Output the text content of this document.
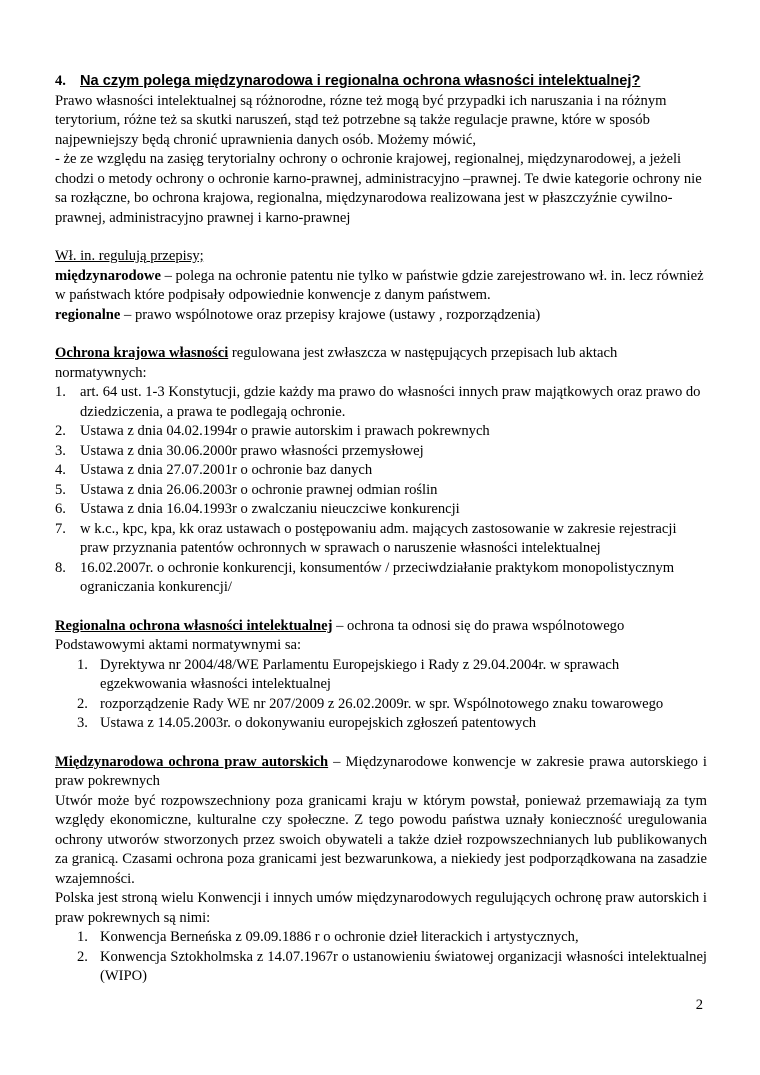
4. Na czym polega międzynarodowa i regionalna ochrona własności intelektualnej?

Prawo własności intelektualnej są różnorodne, rózne też mogą być przypadki ich naruszania i na różnym terytorium, różne też sa skutki naruszeń, stąd też potrzebne są także regulacje prawne, które w sposób najpewniejszy będą chronić uprawnienia danych osób. Możemy mówić,

- że ze względu na zasięg terytorialny ochrony o ochronie krajowej, regionalnej, międzynarodowej, a jeżeli chodzi o metody ochrony o ochronie karno-prawnej, administracyjno –prawnej. Te dwie kategorie ochrony nie sa rozłączne, bo ochrona krajowa, regionalna, międzynarodowa realizowana jest w płaszczyźnie cywilno-prawnej, administracyjno prawnej i karno-prawnej

Wł. in. regulują przepisy;

międzynarodowe – polega na ochronie patentu nie tylko w państwie gdzie zarejestrowano wł. in. lecz również w państwach które podpisały odpowiednie konwencje z danym państwem.

regionalne – prawo wspólnotowe oraz przepisy krajowe (ustawy , rozporządzenia)

Ochrona krajowa własności regulowana jest zwłaszcza w następujących przepisach lub aktach normatywnych:

1. art. 64 ust. 1-3 Konstytucji, gdzie każdy ma prawo do własności innych praw majątkowych oraz prawo do dziedziczenia, a prawa te podlegają ochronie.
2. Ustawa z dnia 04.02.1994r o prawie autorskim i prawach pokrewnych
3. Ustawa z dnia 30.06.2000r prawo własności przemysłowej
4. Ustawa z dnia 27.07.2001r o ochronie baz danych
5. Ustawa z dnia 26.06.2003r o ochronie prawnej odmian roślin
6. Ustawa z dnia 16.04.1993r o zwalczaniu nieuczciwe konkurencji
7. w k.c., kpc, kpa, kk oraz ustawach o postępowaniu adm. mających zastosowanie w zakresie rejestracji praw przyznania patentów ochronnych w sprawach o naruszenie własności intelektualnej
8. 16.02.2007r. o ochronie konkurencji, konsumentów / przeciwdziałanie praktykom monopolistycznym ograniczania konkurencji/

Regionalna ochrona własności intelektualnej – ochrona ta odnosi się do prawa wspólnotowego

Podstawowymi aktami normatywnymi sa:

1. Dyrektywa nr 2004/48/WE Parlamentu Europejskiego i Rady z 29.04.2004r. w sprawach egzekwowania własności intelektualnej
2. rozporządzenie Rady WE nr 207/2009 z 26.02.2009r. w spr. Wspólnotowego znaku towarowego
3. Ustawa z 14.05.2003r. o dokonywaniu europejskich zgłoszeń patentowych

Międzynarodowa ochrona praw autorskich – Międzynarodowe konwencje w zakresie prawa autorskiego i praw pokrewnych

Utwór może być rozpowszechniony poza granicami kraju w którym powstał, ponieważ przemawiają za tym względy ekonomiczne, kulturalne czy społeczne. Z tego powodu państwa uznały konieczność uregulowania ochrony utworów stworzonych przez swoich obywateli a także dzieł rozpowszechnianych lub publikowanych za granicą. Czasami ochrona poza granicami jest bezwarunkowa, a niekiedy jest podporządkowana na zasadzie wzajemności.

Polska jest stroną wielu Konwencji i innych umów międzynarodowych regulujących ochronę praw autorskich i praw pokrewnych są nimi:

1. Konwencja Berneńska z 09.09.1886 r o ochronie dzieł literackich i artystycznych,
2. Konwencja Sztokholmska z 14.07.1967r o ustanowieniu światowej organizacji własności intelektualnej (WIPO)
2
